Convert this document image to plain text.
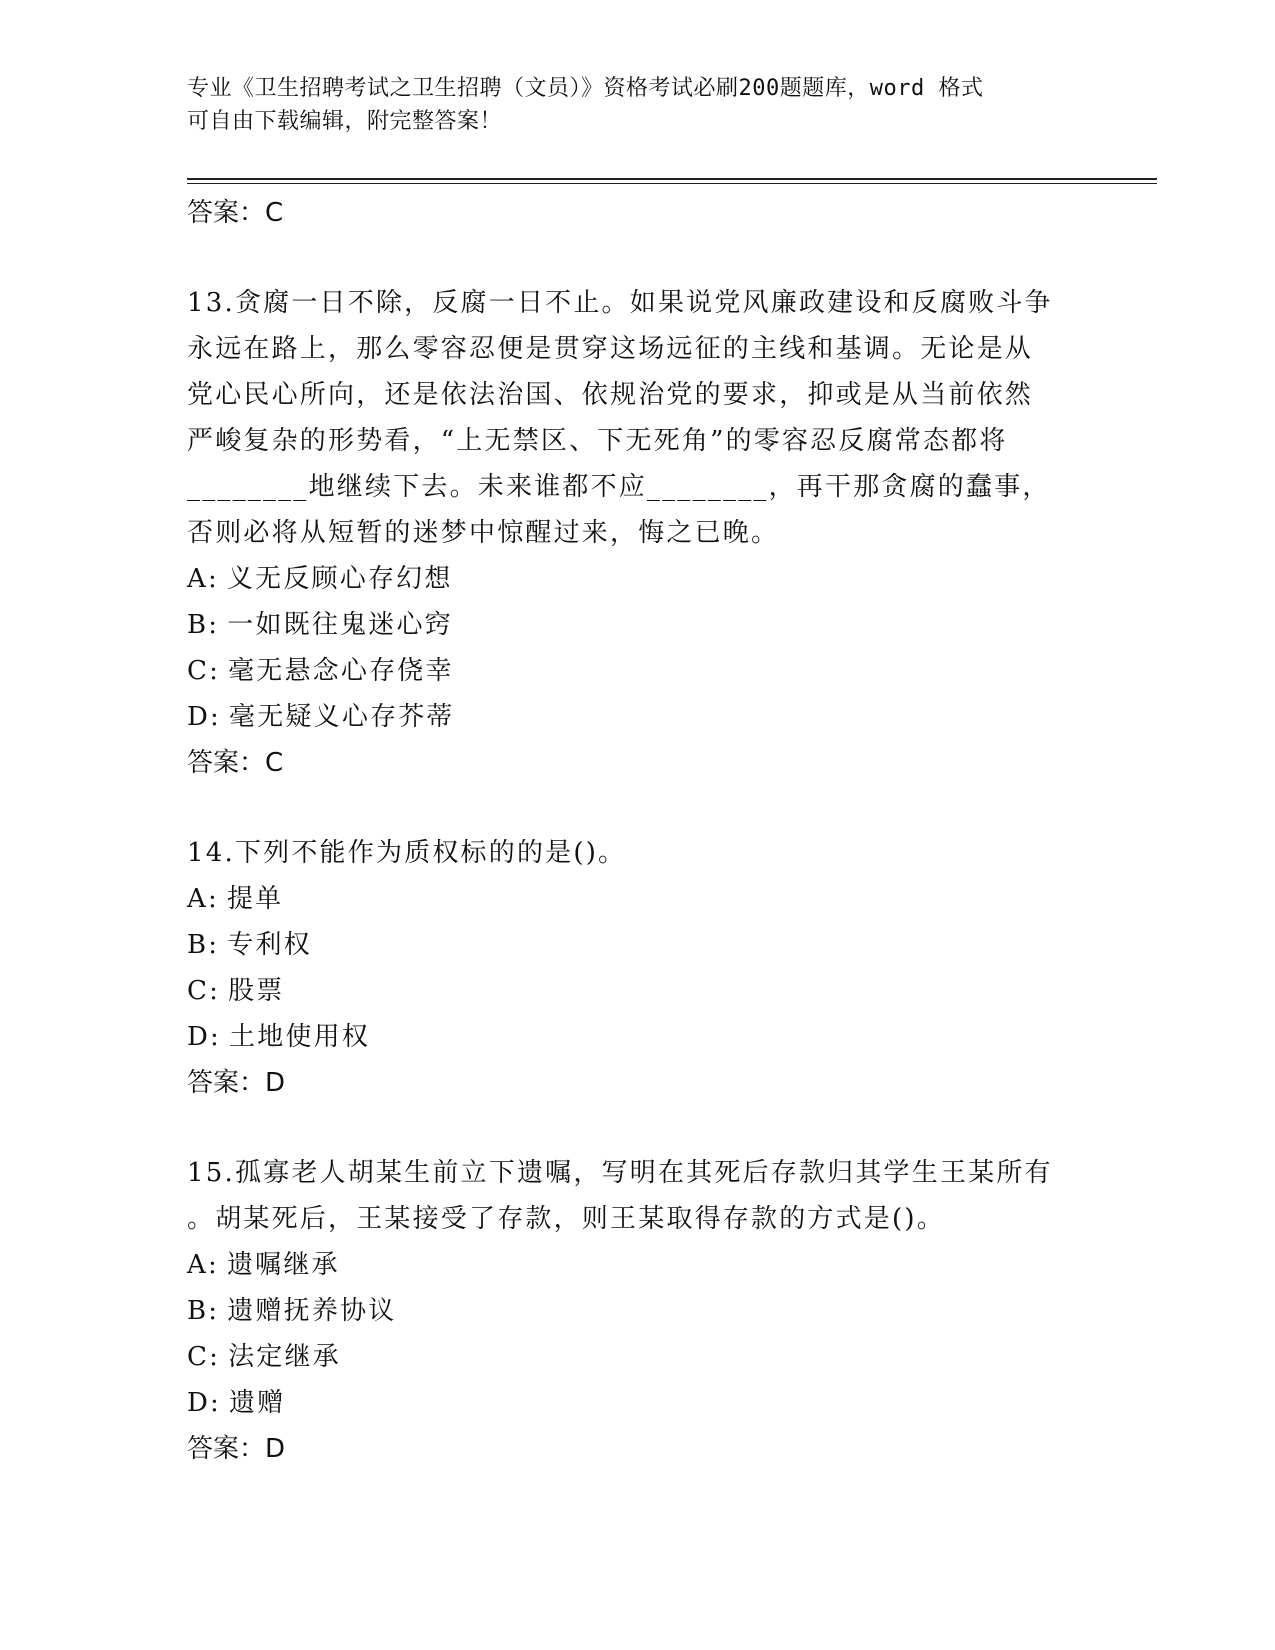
专业《卫生招聘考试之卫生招聘（文员）》资格考试必刷200题题库，word 格式
可自由下载编辑，附完整答案！
答案：C
13.贪腐一日不除，反腐一日不止。如果说党风廉政建设和反腐败斗争
永远在路上，那么零容忍便是贯穿这场远征的主线和基调。无论是从
党心民心所向，还是依法治国、依规治党的要求，抑或是从当前依然
严峻复杂的形势看，“上无禁区、下无死角”的零容忍反腐常态都将
________地继续下去。未来谁都不应________，再干那贪腐的蠢事，
否则必将从短暂的迷梦中惊醒过来，悔之已晚。
A: 义无反顾心存幻想
B: 一如既往鬼迷心窍
C: 毫无悬念心存侥幸
D: 毫无疑义心存芥蒂
答案：C
14.下列不能作为质权标的的是()。
A: 提单
B: 专利权
C: 股票
D: 土地使用权
答案：D
15.孤寡老人胡某生前立下遗嘱，写明在其死后存款归其学生王某所有
。胡某死后，王某接受了存款，则王某取得存款的方式是()。
A: 遗嘱继承
B: 遗赠抚养协议
C: 法定继承
D: 遗赠
答案：D
